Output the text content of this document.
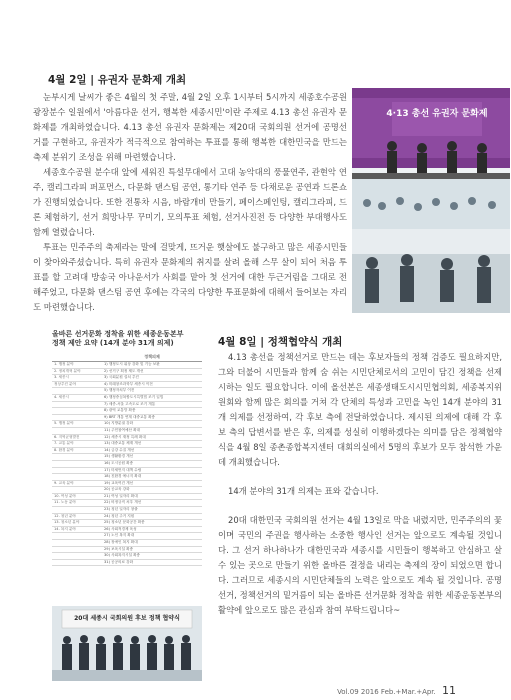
4월 2일 | 유권자 문화제 개최

눈부시게 날씨가 좋은 4월의 첫 주말, 4월 2일 오후 1시부터 5시까지 세종호수공원 광장분수 일원에서 '아름다운 선거, 행복한 세종시민'이란 주제로 4.13 총선 유권자 문화제를 개최하였습니다. 4.13 총선 유권자 문화제는 제20대 국회의원 선거에 공명선거를 구현하고, 유권자가 적극적으로 참여하는 투표를 통해 행복한 대한민국을 만드는 축제 분위기 조성을 위해 마련했습니다.

세종호수공원 분수대 앞에 세워진 특설무대에서 고대 농악대의 풍물연주, 관현악 연주, 캘리그라피 퍼포먼스, 다문화 댄스팀 공연, 통기타 연주 등 다채로운 공연과 드론쇼가 진행되었습니다. 또한 전통차 시음, 바람개비 만들기, 페이스페인팅, 캘리그라피, 드론 체험하기, 선거 희망나무 꾸미기, 모의투표 체험, 선거사진전 등 다양한 부대행사도 함께 열렸습니다.

투표는 민주주의 축제라는 말에 걸맞게, 뜨거운 햇살에도 불구하고 많은 세종시민들이 찾아와주셨습니다. 특히 유권자 문화제의 취지를 살려 올해 스무 살이 되어 처음 투표를 할 고려대 방송국 아나운서가 사회를 맡아 첫 선거에 대한 두근거림을 그대로 전해주었고, 다문화 댄스팀 공연 후에는 각국의 다양한 투표문화에 대해서 들어보는 자리도 마련했습니다.

4·13 총선 유권자 문화제
올바른 선거문화 정착을 위한 세종운동본부
정책 제안 요약 (14개 분야 31개 의제)
	정책의제
1. 행정 분야	1) 행정도시 위상 강화 및 기능 보완
2. 정치개혁 분야	2) 선거구 획정 제도 개선
3. 세종시	3) 국회분원 설치 추진
정상추진 분야	4) 미래창조과학부 세종시 이전
	5) 행정자치부 이전
4. 세종시	6) 행정중심복합도시특별법 조기 입법
	7) 세종-서울 고속도로 조기 개통
	8) 광역 교통망 확충
	9) BRT 개통 연계 대중교통 확충
5. 행정 분야	10) 지방분권 강화
	11) 주민참여예산 확대
6. 지역균형발전	12) 세종시 재정 특례 확대
7. 교통 분야	13) 대중교통 체계 개선
8. 환경 분야	14) 금강 수질 개선
	15) 생활환경 개선
	16) 도시공원 확충
	17) 미세먼지 대책 수립
	18) 친환경 에너지 확대
9. 교육 분야	19) 교육여건 개선
	20) 공교육 강화
10. 여성 분야	21) 여성 일자리 확대
11. 노동 분야	22) 비정규직 처우 개선
	23) 청년 일자리 창출
12. 청년 분야	24) 청년 주거 지원
13. 청소년 분야	25) 청소년 문화공간 확충
14. 복지 분야	26) 사회적경제 육성
	27) 노인 복지 확대
	28) 장애인 복지 확대
	29) 보육시설 확충
	30) 사회복지시설 확충
	31) 공공의료 강화
20대 세종시 국회의원 후보 정책 협약식
4월 8일 | 정책협약식 개최

4.13 총선을 정책선거로 만드는 데는 후보자들의 정책 검증도 필요하지만, 그와 더불어 시민들과 함께 숨 쉬는 시민단체로서의 고민이 담긴 정책을 선제시하는 일도 필요합니다. 이에 올선본은 세종생태도시시민협의회, 세종복지위원회와 함께 많은 회의를 거쳐 각 단체의 특성과 고민을 녹인 14개 분야의 31개 의제를 선정하여, 각 후보 측에 전달하였습니다. 제시된 의제에 대해 각 후보 측의 답변서를 받은 후, 의제를 성실히 이행하겠다는 의미를 담은 정책협약식을 4월 8일 종촌종합복지센터 대회의실에서 5명의 후보가 모두 참석한 가운데 개최했습니다.

14개 분야의 31개 의제는 표와 같습니다.

20대 대한민국 국회의원 선거는 4월 13일로 막을 내렸지만, 민주주의의 꽃이며 국민의 주권을 행사하는 소중한 행사인 선거는 앞으로도 계속될 것입니다. 그 선거 하나하나가 대한민국과 세종시를 시민들이 행복하고 안심하고 살 수 있는 곳으로 만들기 위한 올바른 결정을 내리는 축제의 장이 되었으면 합니다. 그러므로 세종시의 시민단체들의 노력은 앞으로도 계속 될 것입니다. 공명선거, 정책선거의 밑거름이 되는 올바른 선거문화 정착을 위한 세종운동본부의 활약에 앞으로도 많은 관심과 참여 부탁드립니다~

Vol.09 2016 Feb.+Mar.+Apr. 11
